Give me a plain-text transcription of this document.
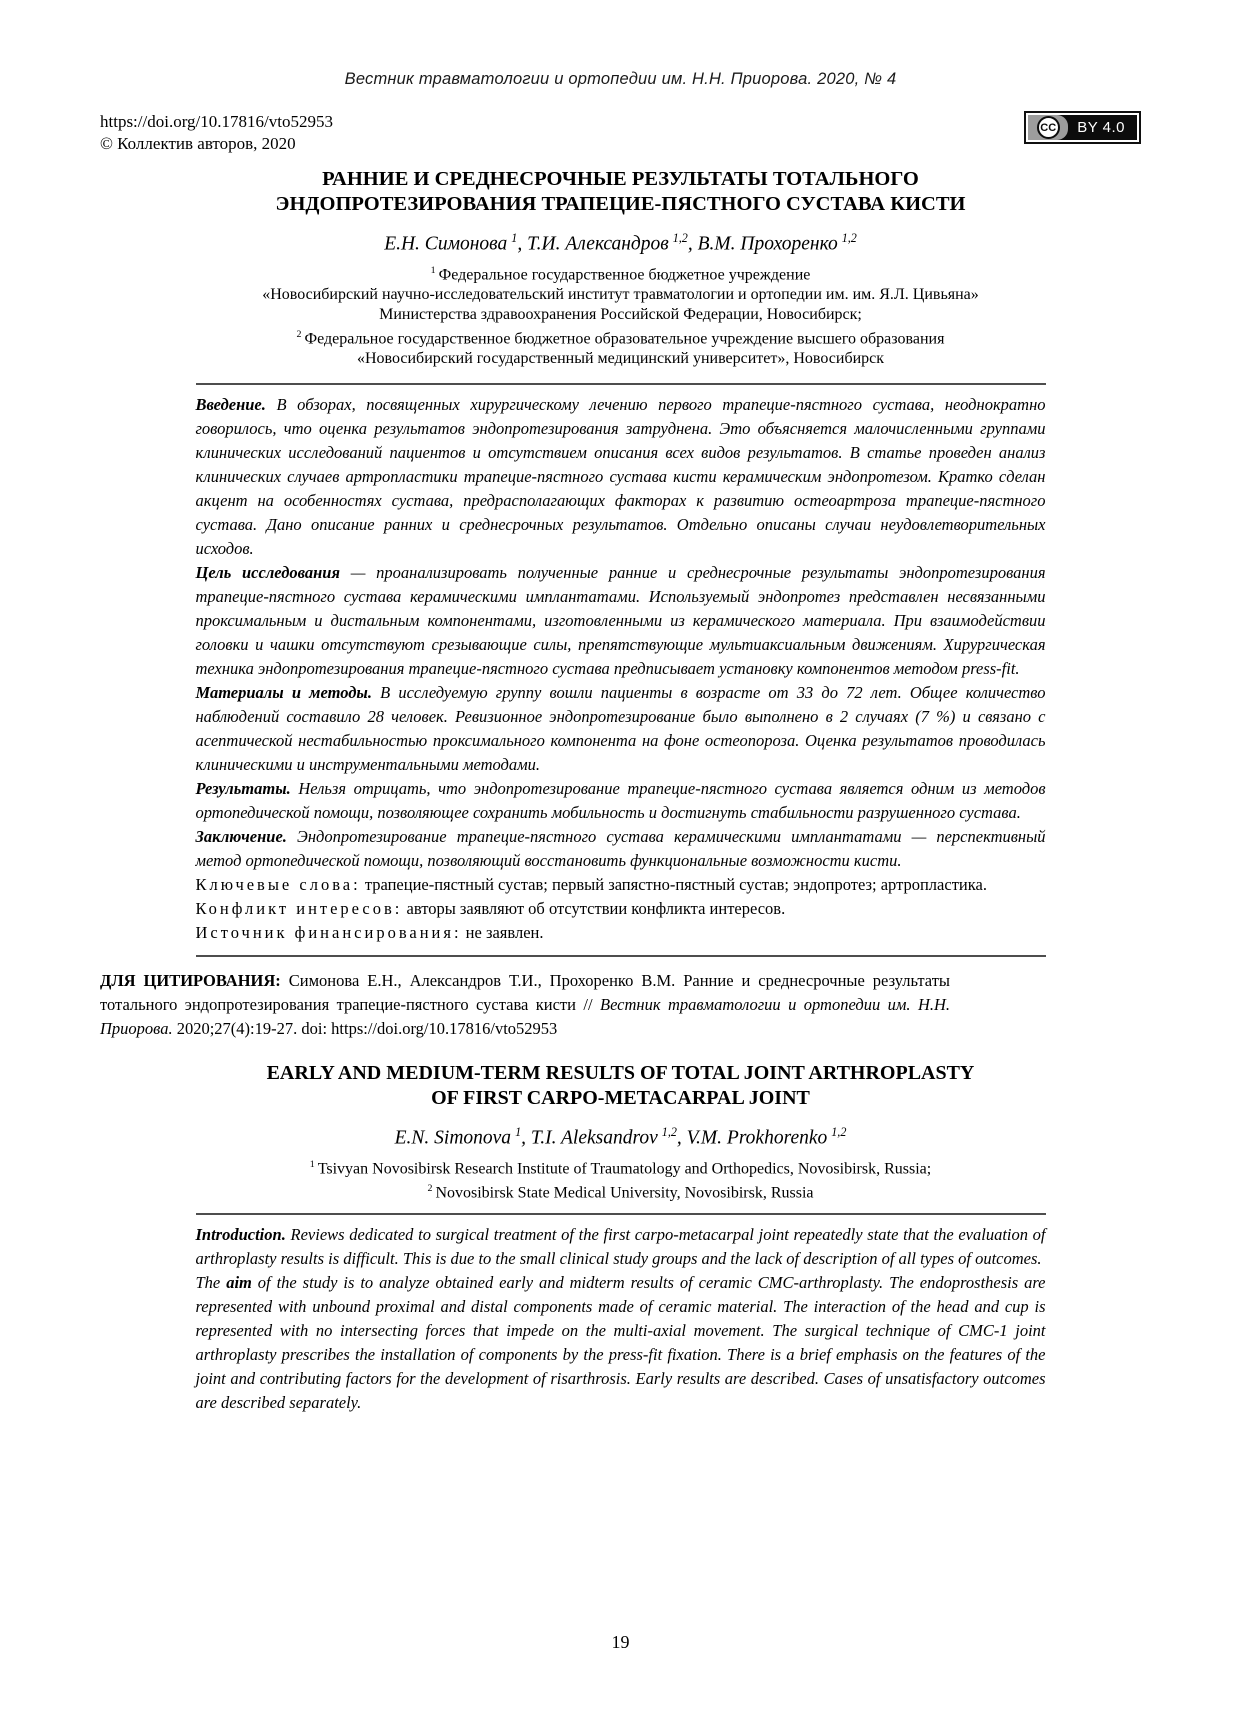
Вестник травматологии и ортопедии им. Н.Н. Приорова. 2020, № 4
https://doi.org/10.17816/vto52953
© Коллектив авторов, 2020
CC BY 4.0
РАННИЕ И СРЕДНЕСРОЧНЫЕ РЕЗУЛЬТАТЫ ТОТАЛЬНОГО
ЭНДОПРОТЕЗИРОВАНИЯ ТРАПЕЦИЕ-ПЯСТНОГО СУСТАВА КИСТИ
Е.Н. Симонова $^1$, Т.И. Александров $^{1,2}$, В.М. Прохоренко $^{1,2}$
$^1$ Федеральное государственное бюджетное учреждение
«Новосибирский научно-исследовательский институт травматологии и ортопедии им. им. Я.Л. Цивьяна»
Министерства здравоохранения Российской Федерации, Новосибирск;
$^2$ Федеральное государственное бюджетное образовательное учреждение высшего образования
«Новосибирский государственный медицинский университет», Новосибирск

Введение. В обзорах, посвященных хирургическому лечению первого трапецие-пястного сустава, неоднократно говорилось, что оценка результатов эндопротезирования затруднена. Это объясняется малочисленными группами клинических исследований пациентов и отсутствием описания всех видов результатов. В статье проведен анализ клинических случаев артропластики трапецие-пястного сустава кисти керамическим эндопротезом. Кратко сделан акцент на особенностях сустава, предрасполагающих факторах к развитию остеоартроза трапецие-пястного сустава. Дано описание ранних и среднесрочных результатов. Отдельно описаны случаи неудовлетворительных исходов.

Цель исследования — проанализировать полученные ранние и среднесрочные результаты эндопротезирования трапецие-пястного сустава керамическими имплантатами. Используемый эндопротез представлен несвязанными проксимальным и дистальным компонентами, изготовленными из керамического материала. При взаимодействии головки и чашки отсутствуют срезывающие силы, препятствующие мультиаксиальным движениям. Хирургическая техника эндопротезирования трапецие-пястного сустава предписывает установку компонентов методом press-fit.

Материалы и методы. В исследуемую группу вошли пациенты в возрасте от 33 до 72 лет. Общее количество наблюдений составило 28 человек. Ревизионное эндопротезирование было выполнено в 2 случаях (7 %) и связано с асептической нестабильностью проксимального компонента на фоне остеопороза. Оценка результатов проводилась клиническими и инструментальными методами.

Результаты. Нельзя отрицать, что эндопротезирование трапецие-пястного сустава является одним из методов ортопедической помощи, позволяющее сохранить мобильность и достигнуть стабильности разрушенного сустава.

Заключение. Эндопротезирование трапецие-пястного сустава керамическими имплантатами — перспективный метод ортопедической помощи, позволяющий восстановить функциональные возможности кисти.

Ключевые слова: трапецие-пястный сустав; первый запястно-пястный сустав; эндопротез; артропластика.

Конфликт интересов: авторы заявляют об отсутствии конфликта интересов.

Источник финансирования: не заявлен.

ДЛЯ ЦИТИРОВАНИЯ: Симонова Е.Н., Александров Т.И., Прохоренко В.М. Ранние и среднесрочные результаты тотального эндопротезирования трапецие-пястного сустава кисти // Вестник травматологии и ортопедии им. Н.Н. Приорова. 2020;27(4):19-27. doi: https://doi.org/10.17816/vto52953

EARLY AND MEDIUM-TERM RESULTS OF TOTAL JOINT ARTHROPLASTY
OF FIRST CARPO-METACARPAL JOINT
E.N. Simonova $^1$, T.I. Aleksandrov $^{1,2}$, V.M. Prokhorenko $^{1,2}$
$^1$ Tsivyan Novosibirsk Research Institute of Traumatology and Orthopedics, Novosibirsk, Russia;
$^2$ Novosibirsk State Medical University, Novosibirsk, Russia

Introduction. Reviews dedicated to surgical treatment of the first carpo-metacarpal joint repeatedly state that the evaluation of arthroplasty results is difficult. This is due to the small clinical study groups and the lack of description of all types of outcomes.

The aim of the study is to analyze obtained early and midterm results of ceramic CMC-arthroplasty. The endoprosthesis are represented with unbound proximal and distal components made of ceramic material. The interaction of the head and cup is represented with no intersecting forces that impede on the multi-axial movement. The surgical technique of CMC-1 joint arthroplasty prescribes the installation of components by the press-fit fixation. There is a brief emphasis on the features of the joint and contributing factors for the development of risarthrosis. Early results are described. Cases of unsatisfactory outcomes are described separately.

19
